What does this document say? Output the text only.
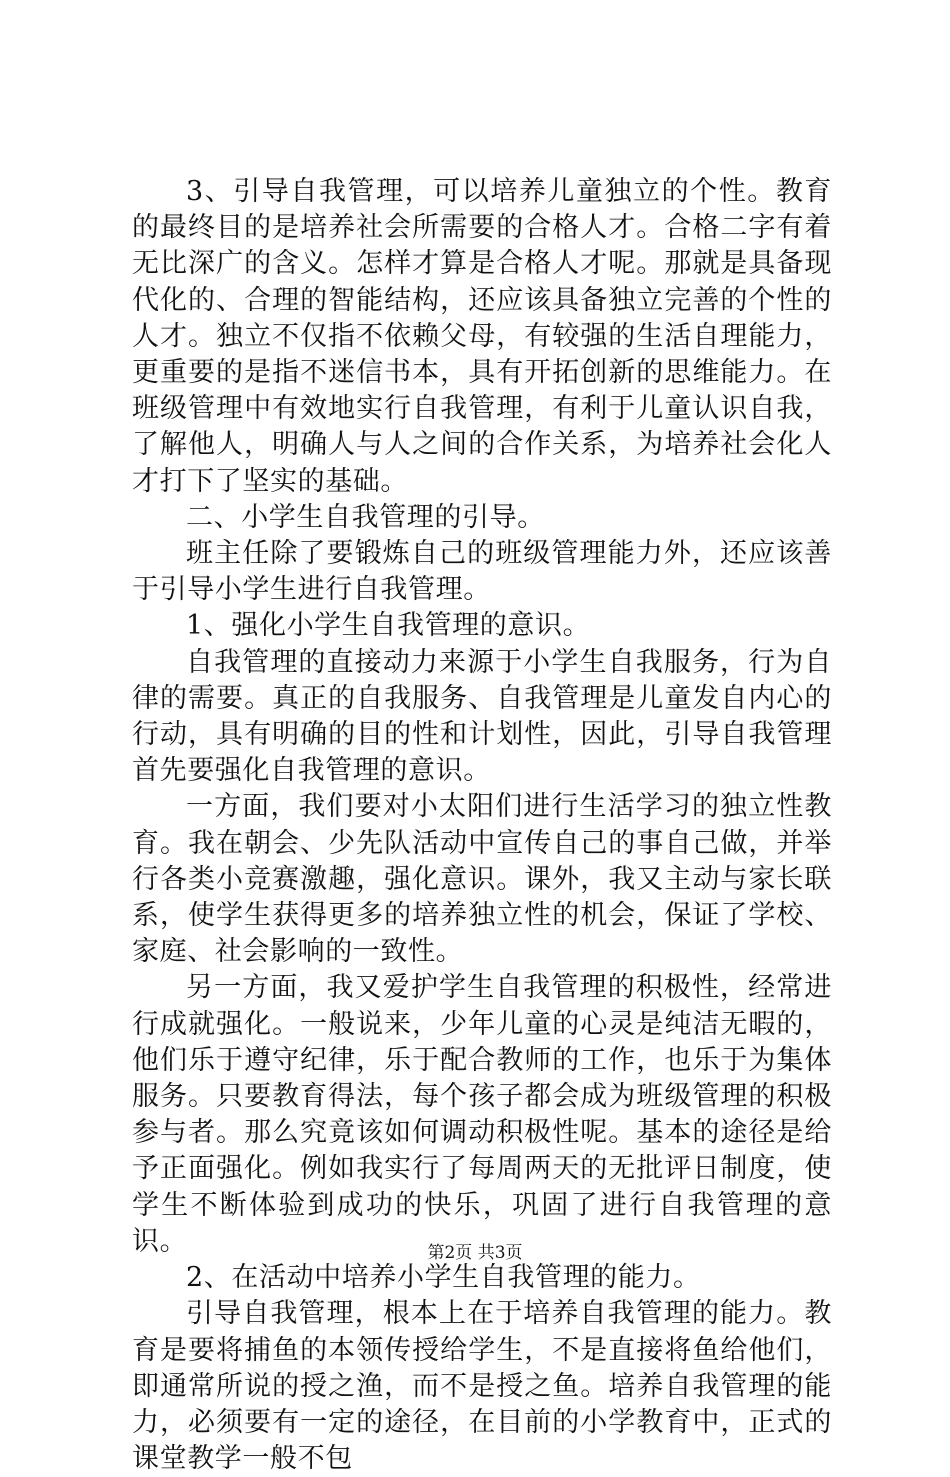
3、引导自我管理，可以培养儿童独立的个性。教育的最终目的是培养社会所需要的合格人才。合格二字有着无比深广的含义。怎样才算是合格人才呢。那就是具备现代化的、合理的智能结构，还应该具备独立完善的个性的人才。独立不仅指不依赖父母，有较强的生活自理能力，更重要的是指不迷信书本，具有开拓创新的思维能力。在班级管理中有效地实行自我管理，有利于儿童认识自我，了解他人，明确人与人之间的合作关系，为培养社会化人才打下了坚实的基础。

二、小学生自我管理的引导。

班主任除了要锻炼自己的班级管理能力外，还应该善于引导小学生进行自我管理。

1、强化小学生自我管理的意识。

自我管理的直接动力来源于小学生自我服务，行为自律的需要。真正的自我服务、自我管理是儿童发自内心的行动，具有明确的目的性和计划性，因此，引导自我管理首先要强化自我管理的意识。

一方面，我们要对小太阳们进行生活学习的独立性教育。我在朝会、少先队活动中宣传自己的事自己做，并举行各类小竞赛激趣，强化意识。课外，我又主动与家长联系，使学生获得更多的培养独立性的机会，保证了学校、家庭、社会影响的一致性。

另一方面，我又爱护学生自我管理的积极性，经常进行成就强化。一般说来，少年儿童的心灵是纯洁无暇的，他们乐于遵守纪律，乐于配合教师的工作，也乐于为集体服务。只要教育得法，每个孩子都会成为班级管理的积极参与者。那么究竟该如何调动积极性呢。基本的途径是给予正面强化。例如我实行了每周两天的无批评日制度，使学生不断体验到成功的快乐，巩固了进行自我管理的意识。

2、在活动中培养小学生自我管理的能力。

引导自我管理，根本上在于培养自我管理的能力。教育是要将捕鱼的本领传授给学生，不是直接将鱼给他们，即通常所说的授之渔，而不是授之鱼。培养自我管理的能力，必须要有一定的途径，在目前的小学教育中，正式的课堂教学一般不包

第2页 共3页
